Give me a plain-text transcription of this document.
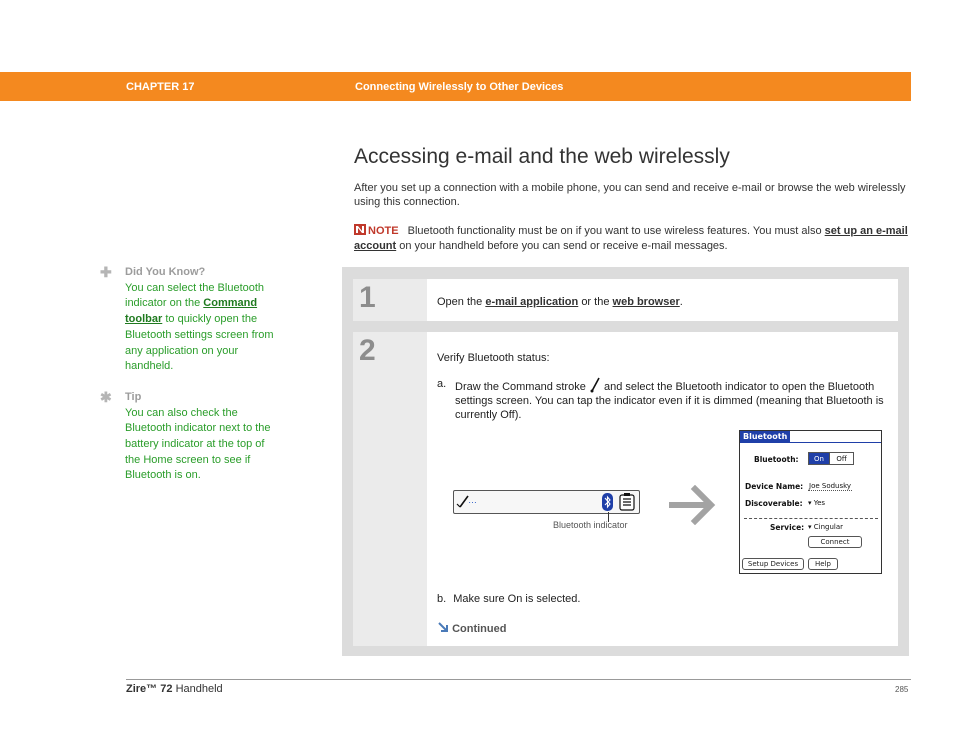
CHAPTER 17	Connecting Wirelessly to Other Devices
Accessing e-mail and the web wirelessly

After you set up a connection with a mobile phone, you can send and receive e-mail or browse the web wirelessly using this connection.

NOTE Bluetooth functionality must be on if you want to use wireless features. You must also set up an e-mail account on your handheld before you can send or receive e-mail messages.

✚ Did You Know?
You can select the Bluetooth indicator on the Command toolbar to quickly open the Bluetooth settings screen from any application on your handheld.
✱ Tip
You can also check the Bluetooth indicator next to the battery indicator at the top of the Home screen to see if Bluetooth is on.
1	Open the e-mail application or the web browser.
2	Verify Bluetooth status:
a. Draw the Command stroke and select the Bluetooth indicator to open the Bluetooth settings screen. You can tap the indicator even if it is dimmed (meaning that Bluetooth is currently Off).
…
Bluetooth indicator
Bluetooth
Bluetooth:	On	Off
Device Name: Joe Sodusky
Discoverable: ▾ Yes
Service: ▾ Cingular
Connect
Setup Devices	Help
b. Make sure On is selected.
Continued
Zire™ 72 Handheld	285
